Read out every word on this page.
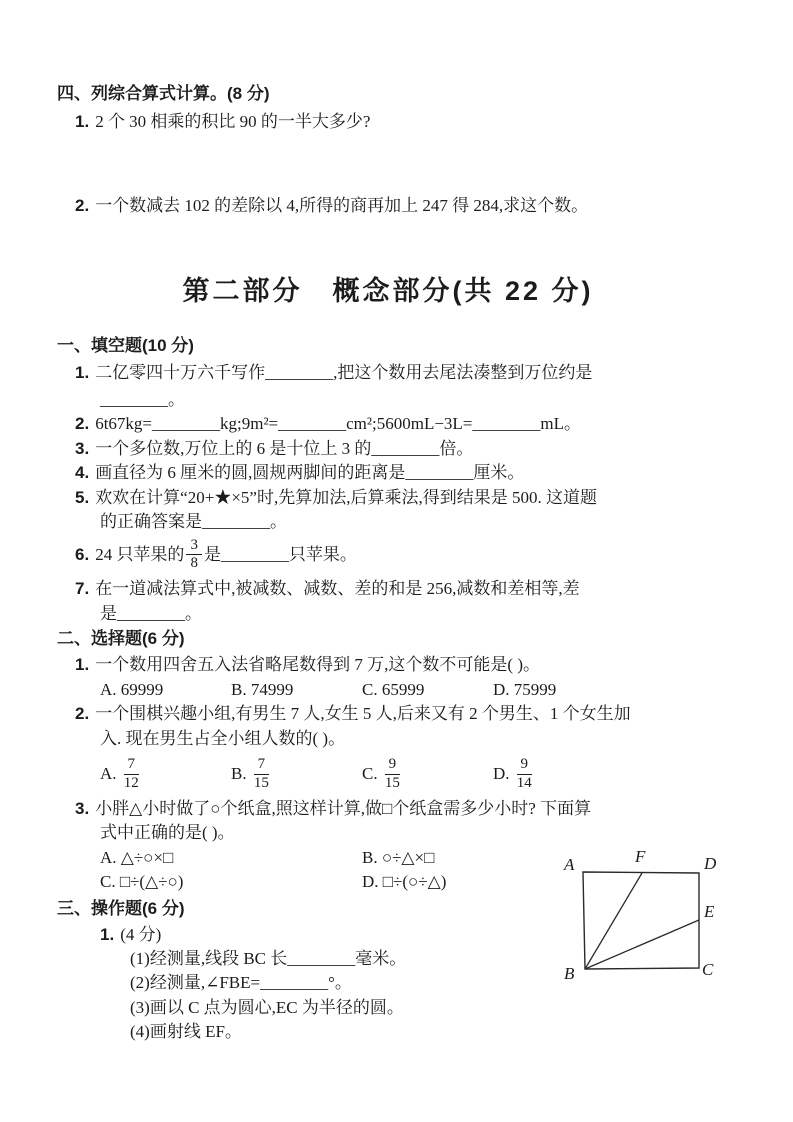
四、列综合算式计算。(8 分)
1. 2 个 30 相乘的积比 90 的一半大多少?
2. 一个数减去 102 的差除以 4,所得的商再加上 247 得 284,求这个数。
第二部分　概念部分(共 22 分)
一、填空题(10 分)
1. 二亿零四十万六千写作________,把这个数用去尾法凑整到万位约是
________。
2. 6t67kg=________kg;9m²=________cm²;5600mL−3L=________mL。
3. 一个多位数,万位上的 6 是十位上 3 的________倍。
4. 画直径为 6 厘米的圆,圆规两脚间的距离是________厘米。
5. 欢欢在计算“20+★×5”时,先算加法,后算乘法,得到结果是 500. 这道题
的正确答案是________。
6. 24 只苹果的 $\frac{3}{8}$ 是________只苹果。
7. 在一道减法算式中,被减数、减数、差的和是 256,减数和差相等,差
是________。
二、选择题(6 分)
1. 一个数用四舍五入法省略尾数得到 7 万,这个数不可能是( )。
A. 69999	B. 74999	C. 65999	D. 75999
2. 一个围棋兴趣小组,有男生 7 人,女生 5 人,后来又有 2 个男生、1 个女生加
入. 现在男生占全小组人数的( )。
A. $\frac{7}{12}$	B. $\frac{7}{15}$	C. $\frac{9}{15}$	D. $\frac{9}{14}$
3. 小胖△小时做了○个纸盒,照这样计算,做□个纸盒需多少小时? 下面算
式中正确的是( )。
A. △÷○×□	B. ○÷△×□
C. □÷(△÷○)	D. □÷(○÷△)
三、操作题(6 分)
1. (4 分)
(1)经测量,线段 BC 长________毫米。
(2)经测量,∠FBE=________°。
(3)画以 C 点为圆心,EC 为半径的圆。
(4)画射线 EF。
A	F	D
E
B	C
